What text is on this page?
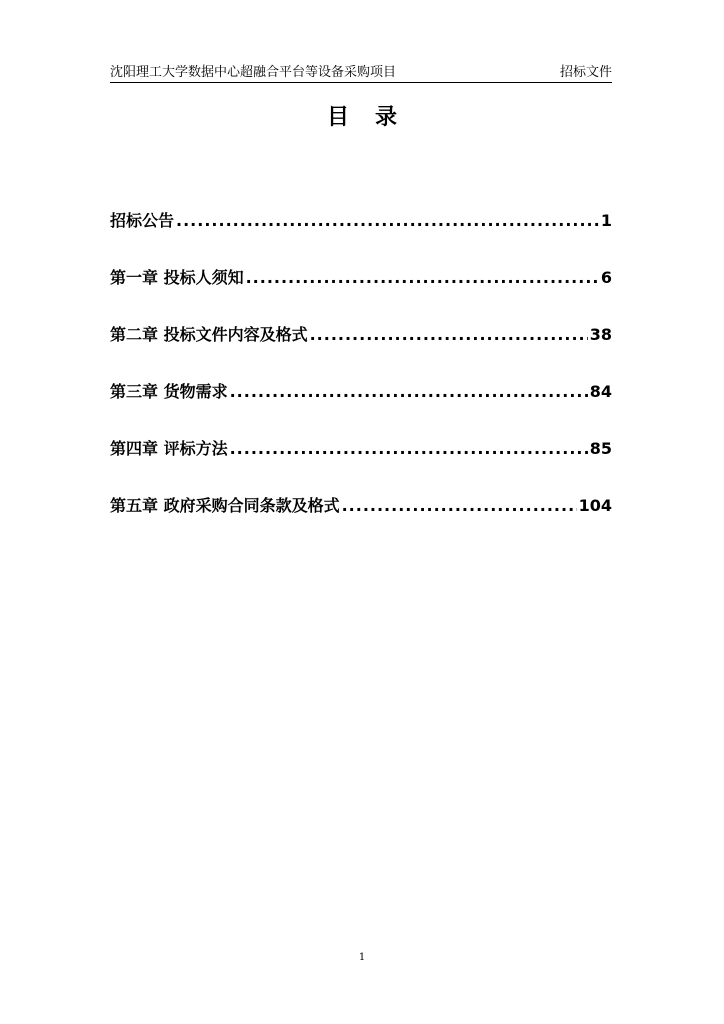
沈阳理工大学数据中心超融合平台等设备采购项目	招标文件
目录
招标公告 .....	1
第一章 投标人须知 .....	6
第二章 投标文件内容及格式 .....	38
第三章 货物需求 .....	84
第四章 评标方法 .....	85
第五章 政府采购合同条款及格式 .....	104
1
